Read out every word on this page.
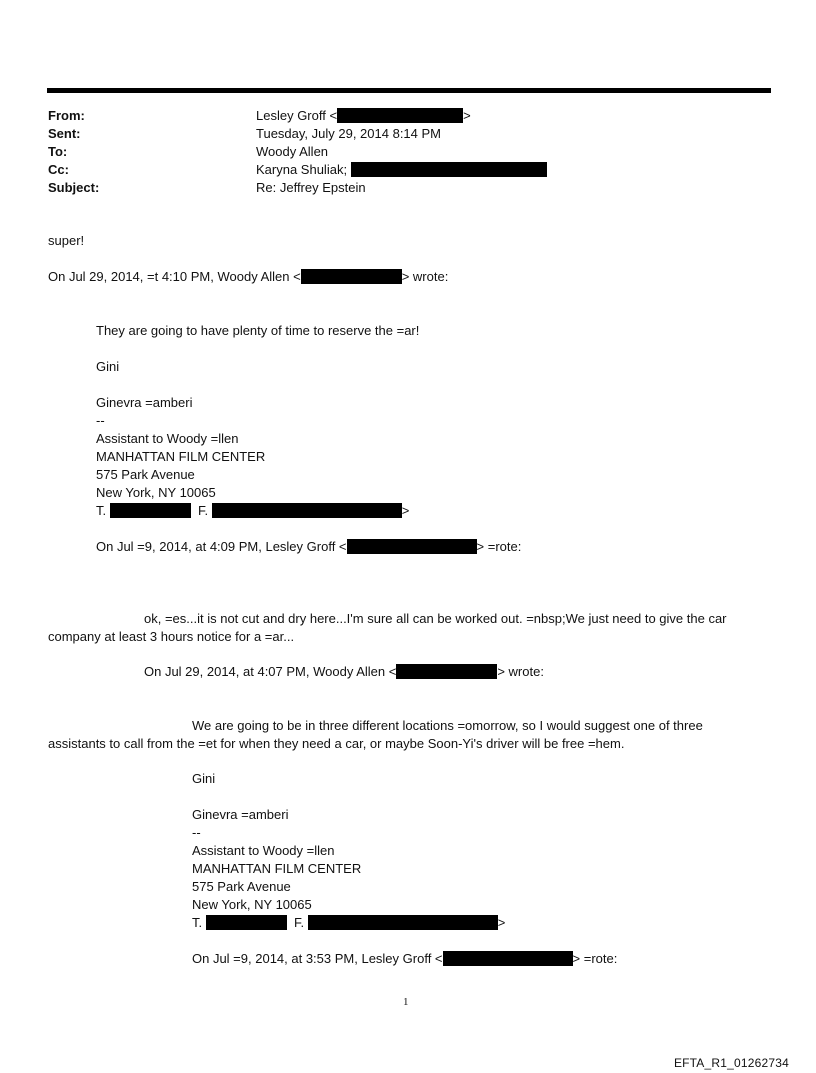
From:	Lesley Groff <	>
Sent:	Tuesday, July 29, 2014 8:14 PM
To:	Woody Allen
Cc:	Karyna Shuliak;
Subject:	Re: Jeffrey Epstein
super!
On Jul 29, 2014, =t 4:10 PM, Woody Allen <	> wrote:
They are going to have plenty of time to reserve the =ar!
Gini
Ginevra =amberi
--
Assistant to Woody =llen
MANHATTAN FILM CENTER
575 Park Avenue
New York, NY 10065
T.	F.	>
On Jul =9, 2014, at 4:09 PM, Lesley Groff <	> =rote:
ok, =es...it is not cut and dry here...I'm sure all can be worked out. =nbsp;We just need to give the car
company at least 3 hours notice for a =ar...
On Jul 29, 2014, at 4:07 PM, Woody Allen <	> wrote:
We are going to be in three different locations =omorrow, so I would suggest one of three
assistants to call from the =et for when they need a car, or maybe Soon-Yi's driver will be free =hem.
Gini
Ginevra =amberi
--
Assistant to Woody =llen
MANHATTAN FILM CENTER
575 Park Avenue
New York, NY 10065
T.	F.	>
On Jul =9, 2014, at 3:53 PM, Lesley Groff <	> =rote:
1
EFTA_R1_01262734
